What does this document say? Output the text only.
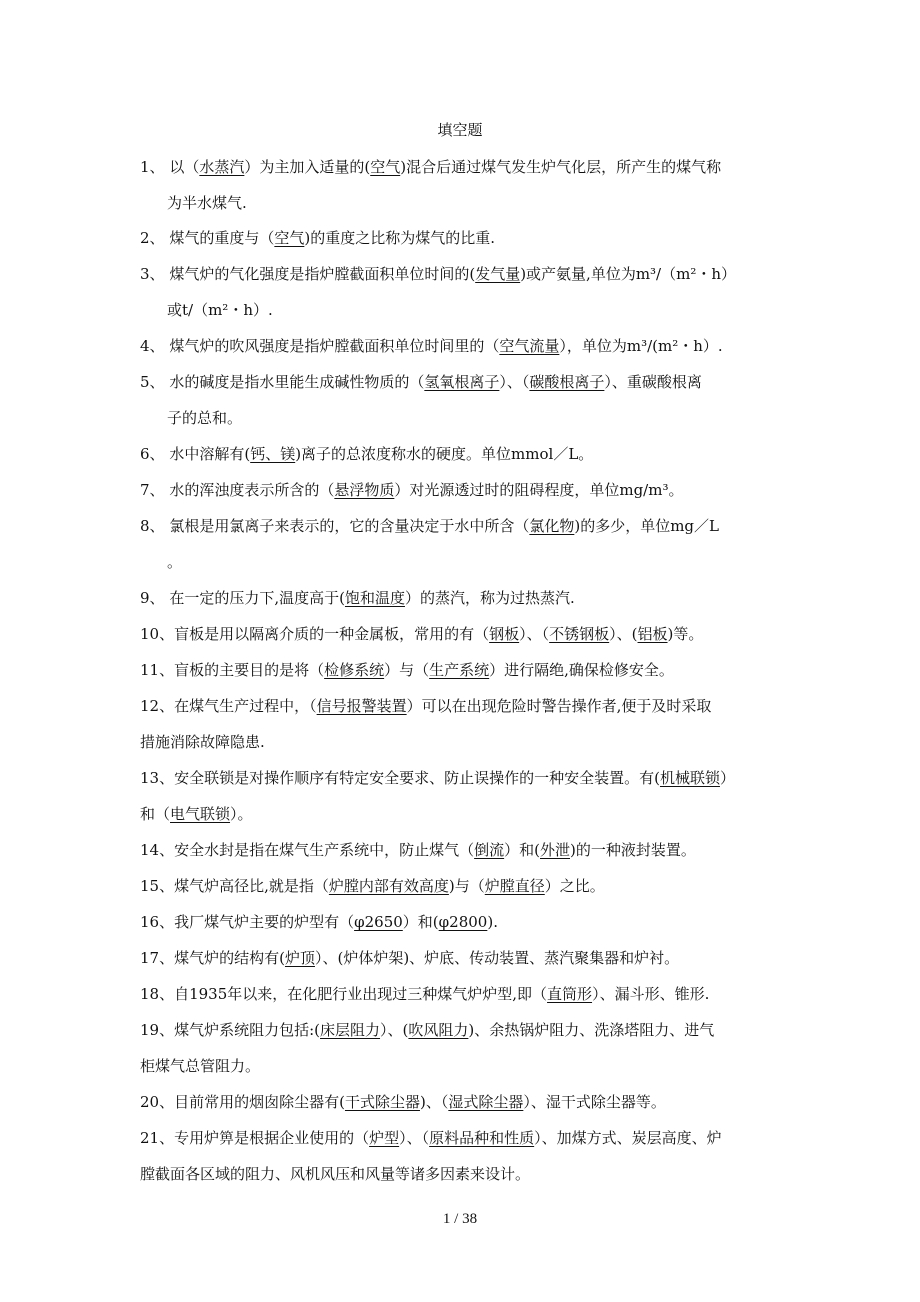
填空题
1、 以（水蒸汽）为主加入适量的(空气)混合后通过煤气发生炉气化层，所产生的煤气称
为半水煤气.
2、 煤气的重度与（空气)的重度之比称为煤气的比重.
3、 煤气炉的气化强度是指炉膛截面积单位时间的(发气量)或产氨量,单位为m³/（m²・h）
或t/（m²・h）.
4、 煤气炉的吹风强度是指炉膛截面积单位时间里的（空气流量），单位为m³/(m²・h）.
5、 水的碱度是指水里能生成碱性物质的（氢氧根离子）、（碳酸根离子）、重碳酸根离
子的总和。
6、 水中溶解有(钙、镁)离子的总浓度称水的硬度。单位mmol／L。
7、 水的浑浊度表示所含的（悬浮物质）对光源透过时的阻碍程度，单位mg/m³。
8、 氯根是用氯离子来表示的，它的含量决定于水中所含（氯化物)的多少，单位mg／L
。
9、 在一定的压力下,温度高于(饱和温度）的蒸汽，称为过热蒸汽.
10、盲板是用以隔离介质的一种金属板，常用的有（钢板）、（不锈钢板）、(铝板)等。
11、盲板的主要目的是将（检修系统）与（生产系统）进行隔绝,确保检修安全。
12、在煤气生产过程中，（信号报警装置）可以在出现危险时警告操作者,便于及时采取
措施消除故障隐患.
13、安全联锁是对操作顺序有特定安全要求、防止误操作的一种安全装置。有(机械联锁）
和（电气联锁）。
14、安全水封是指在煤气生产系统中，防止煤气（倒流）和(外泄)的一种液封装置。
15、煤气炉高径比,就是指（炉膛内部有效高度)与（炉膛直径）之比。
16、我厂煤气炉主要的炉型有（φ2650）和(φ2800).
17、煤气炉的结构有(炉顶）、(炉体炉架)、炉底、传动装置、蒸汽聚集器和炉衬。
18、自1935年以来，在化肥行业出现过三种煤气炉炉型,即（直筒形）、漏斗形、锥形.
19、煤气炉系统阻力包括:(床层阻力）、(吹风阻力)、余热锅炉阻力、洗涤塔阻力、进气
柜煤气总管阻力。
20、目前常用的烟囱除尘器有(干式除尘器)、（湿式除尘器）、湿干式除尘器等。
21、专用炉箅是根据企业使用的（炉型）、（原料品种和性质）、加煤方式、炭层高度、炉
膛截面各区域的阻力、风机风压和风量等诸多因素来设计。
1 / 38
